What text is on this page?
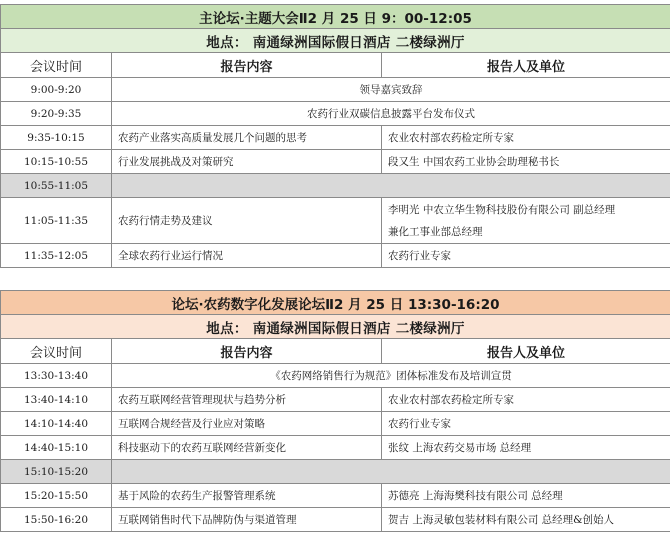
主论坛·主题大会Ⅱ2 月 25 日 9：00-12:05		
地点： 南通绿洲国际假日酒店 二楼绿洲厅		
会议时间	报告内容	报告人及单位
9:00-9:20	领导嘉宾致辞	
9:20-9:35	农药行业双碳信息披露平台发布仪式	
9:35-10:15	农药产业落实高质量发展几个问题的思考	农业农村部农药检定所专家
10:15-10:55	行业发展挑战及对策研究	段又生 中国农药工业协会助理秘书长
10:55-11:05		
11:05-11:35	农药行情走势及建议	李明光 中农立华生物科技股份有限公司 副总经理
兼化工事业部总经理

11:35-12:05	全球农药行业运行情况	农药行业专家
论坛·农药数字化发展论坛Ⅱ2 月 25 日 13:30-16:20		
地点： 南通绿洲国际假日酒店 二楼绿洲厅		
会议时间	报告内容	报告人及单位
13:30-13:40	《农药网络销售行为规范》团体标准发布及培训宣贯	
13:40-14:10	农药互联网经营管理现状与趋势分析	农业农村部农药检定所专家
14:10-14:40	互联网合规经营及行业应对策略	农药行业专家
14:40-15:10	科技驱动下的农药互联网经营新变化	张纹 上海农药交易市场 总经理
15:10-15:20		
15:20-15:50	基于风险的农药生产报警管理系统	苏德亮 上海海樊科技有限公司 总经理
15:50-16:20	互联网销售时代下品牌防伪与渠道管理	贺吉 上海灵敏包装材料有限公司 总经理&创始人
